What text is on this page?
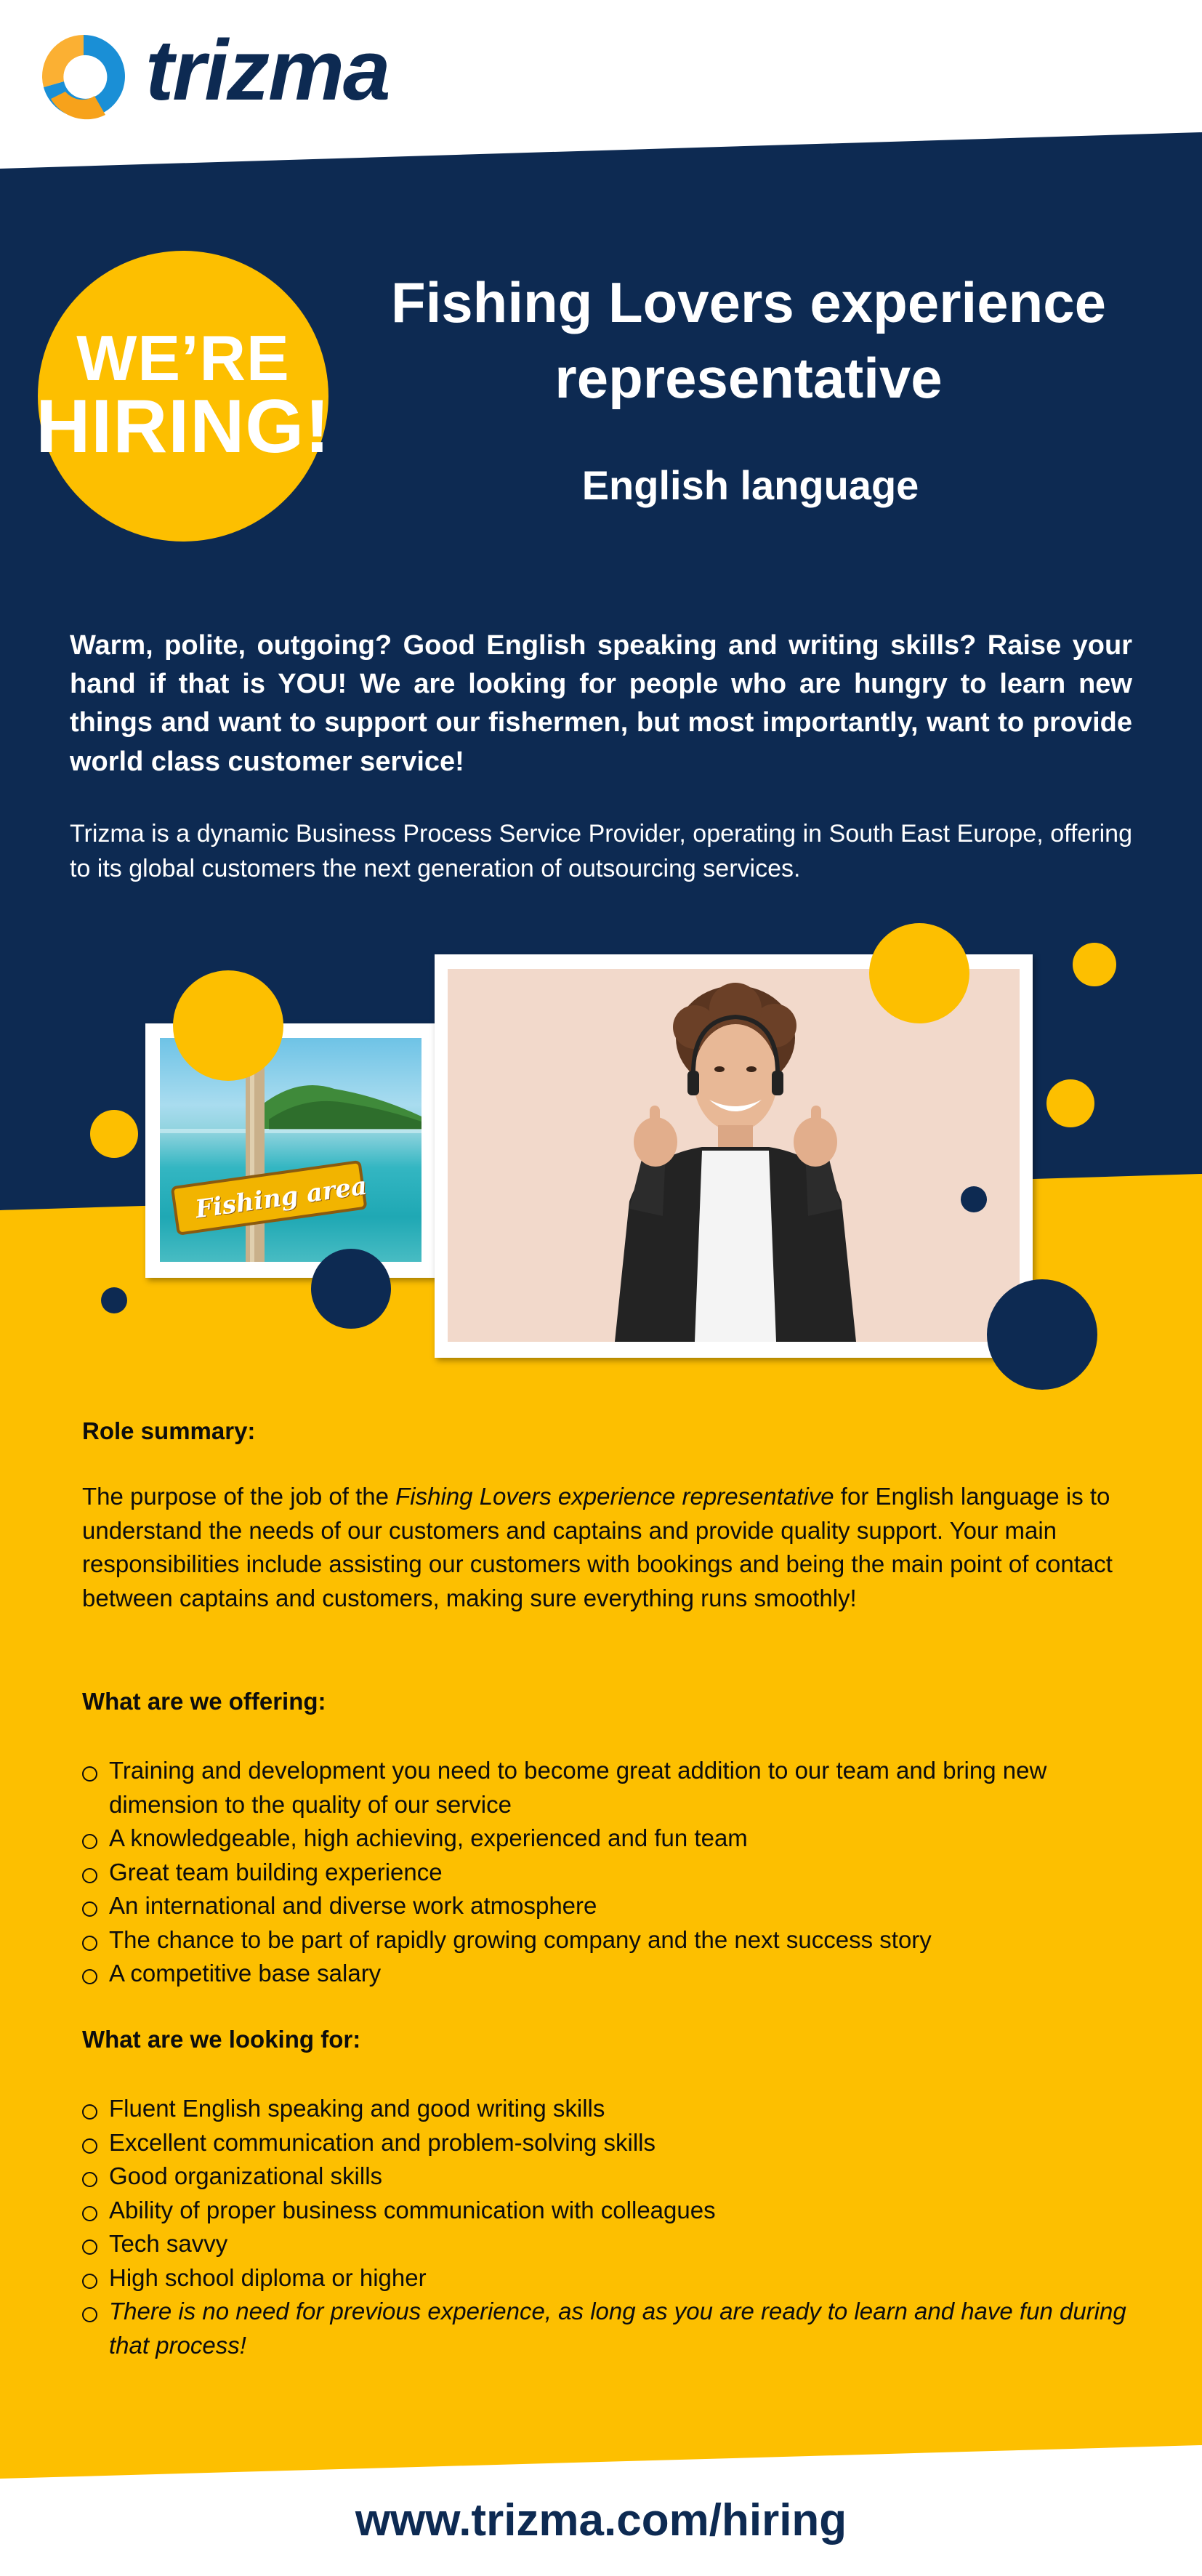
trizma
WE’RE
HIRING!
Fishing Lovers experience representative
English language

Warm, polite, outgoing? Good English speaking and writing skills? Raise your hand if that is YOU! We are looking for people who are hungry to learn new things and want to support our fishermen, but most importantly, want to provide world class customer service!

Trizma is a dynamic Business Process Service Provider, operating in South East Europe, offering to its global customers the next generation of outsourcing services.

Fishing area
Role summary:

The purpose of the job of the Fishing Lovers experience representative for English language is to understand the needs of our customers and captains and provide quality support. Your main responsibilities include assisting our customers with bookings and being the main point of contact between captains and customers, making sure everything runs smoothly!

What are we offering:
Training and development you need to become great addition to our team and bring new dimension to the quality of our service
A knowledgeable, high achieving, experienced and fun team
Great team building experience
An international and diverse work atmosphere
The chance to be part of rapidly growing company and the next success story
A competitive base salary
What are we looking for:
Fluent English speaking and good writing skills
Excellent communication and problem-solving skills
Good organizational skills
Ability of proper business communication with colleagues
Tech savvy
High school diploma or higher
There is no need for previous experience, as long as you are ready to learn and have fun during that process!
www.trizma.com/hiring
